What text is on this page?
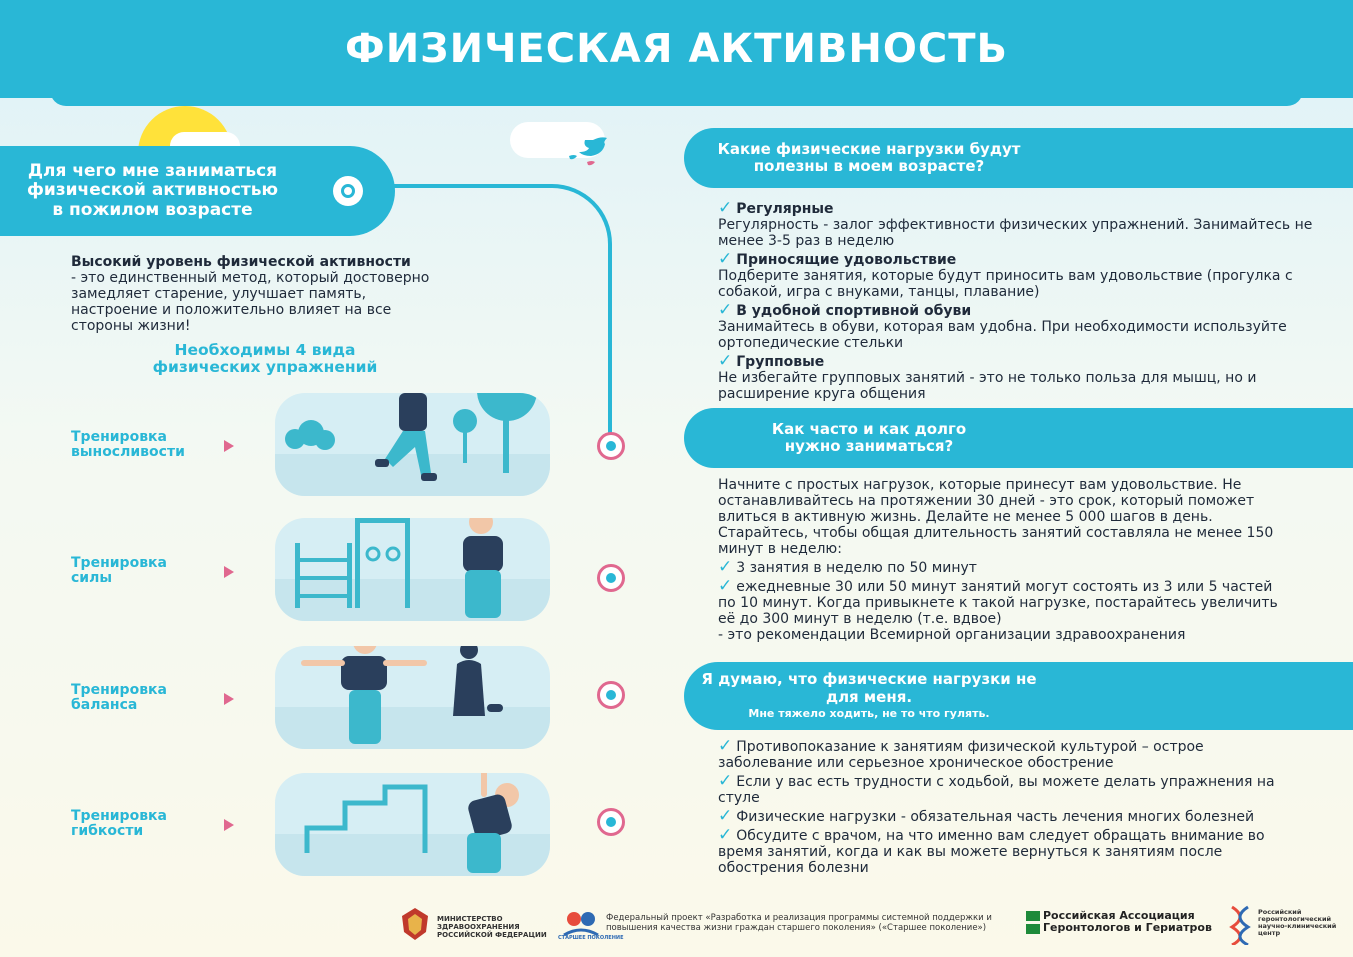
ФИЗИЧЕСКАЯ АКТИВНОСТЬ
Для чего мне заниматься
физической активностью
в пожилом возрасте
Высокий уровень физической активности
- это единственный метод, который достоверно замедляет старение, улучшает память, настроение и положительно влияет на все стороны жизни!
Необходимы 4 вида
физических упражнений
Тренировка
выносливости
Тренировка
силы
Тренировка
баланса
Тренировка
гибкости
Какие физические нагрузки будут
полезны в моем возрасте?
✓ Регулярные
Регулярность - залог эффективности физических упражнений. Занимайтесь не менее 3-5 раз в неделю
✓ Приносящие удовольствие
Подберите занятия, которые будут приносить вам удовольствие (прогулка с собакой, игра с внуками, танцы, плавание)
✓ В удобной спортивной обуви
Занимайтесь в обуви, которая вам удобна. При необходимости используйте ортопедические стельки
✓ Групповые
Не избегайте групповых занятий - это не только польза для мышц, но и расширение круга общения
Как часто и как долго
нужно заниматься?
Начните с простых нагрузок, которые принесут вам удовольствие. Не останавливайтесь на протяжении 30 дней - это срок, который поможет влиться в активную жизнь. Делайте не менее 5 000 шагов в день. Старайтесь, чтобы общая длительность занятий составляла не менее 150 минут в неделю:
✓ 3 занятия в неделю по 50 минут
✓ ежедневные 30 или 50 минут занятий могут состоять из 3 или 5 частей по 10 минут. Когда привыкнете к такой нагрузке, постарайтесь увеличить её до 300 минут в неделю (т.е. вдвое)
- это рекомендации Всемирной организации здравоохранения
Я думаю, что физические нагрузки не
для меня.
Мне тяжело ходить, не то что гулять.
✓ Противопоказание к занятиям физической культурой – острое заболевание или серьезное хроническое обострение
✓ Если у вас есть трудности с ходьбой, вы можете делать упражнения на стуле
✓ Физические нагрузки - обязательная часть лечения многих болезней
✓ Обсудите с врачом, на что именно вам следует обращать внимание во время занятий, когда и как вы можете вернуться к занятиям после обострения болезни
МИНИСТЕРСТВО
ЗДРАВООХРАНЕНИЯ
РОССИЙСКОЙ ФЕДЕРАЦИИ СТАРШЕЕ ПОКОЛЕНИЕ
Федеральный проект «Разработка и реализация программы системной поддержки и повышения качества жизни граждан старшего поколения» («Старшее поколение»)
Российская Ассоциация
Геронтологов и Гериатров
Российский геронтологический научно-клинический центр
